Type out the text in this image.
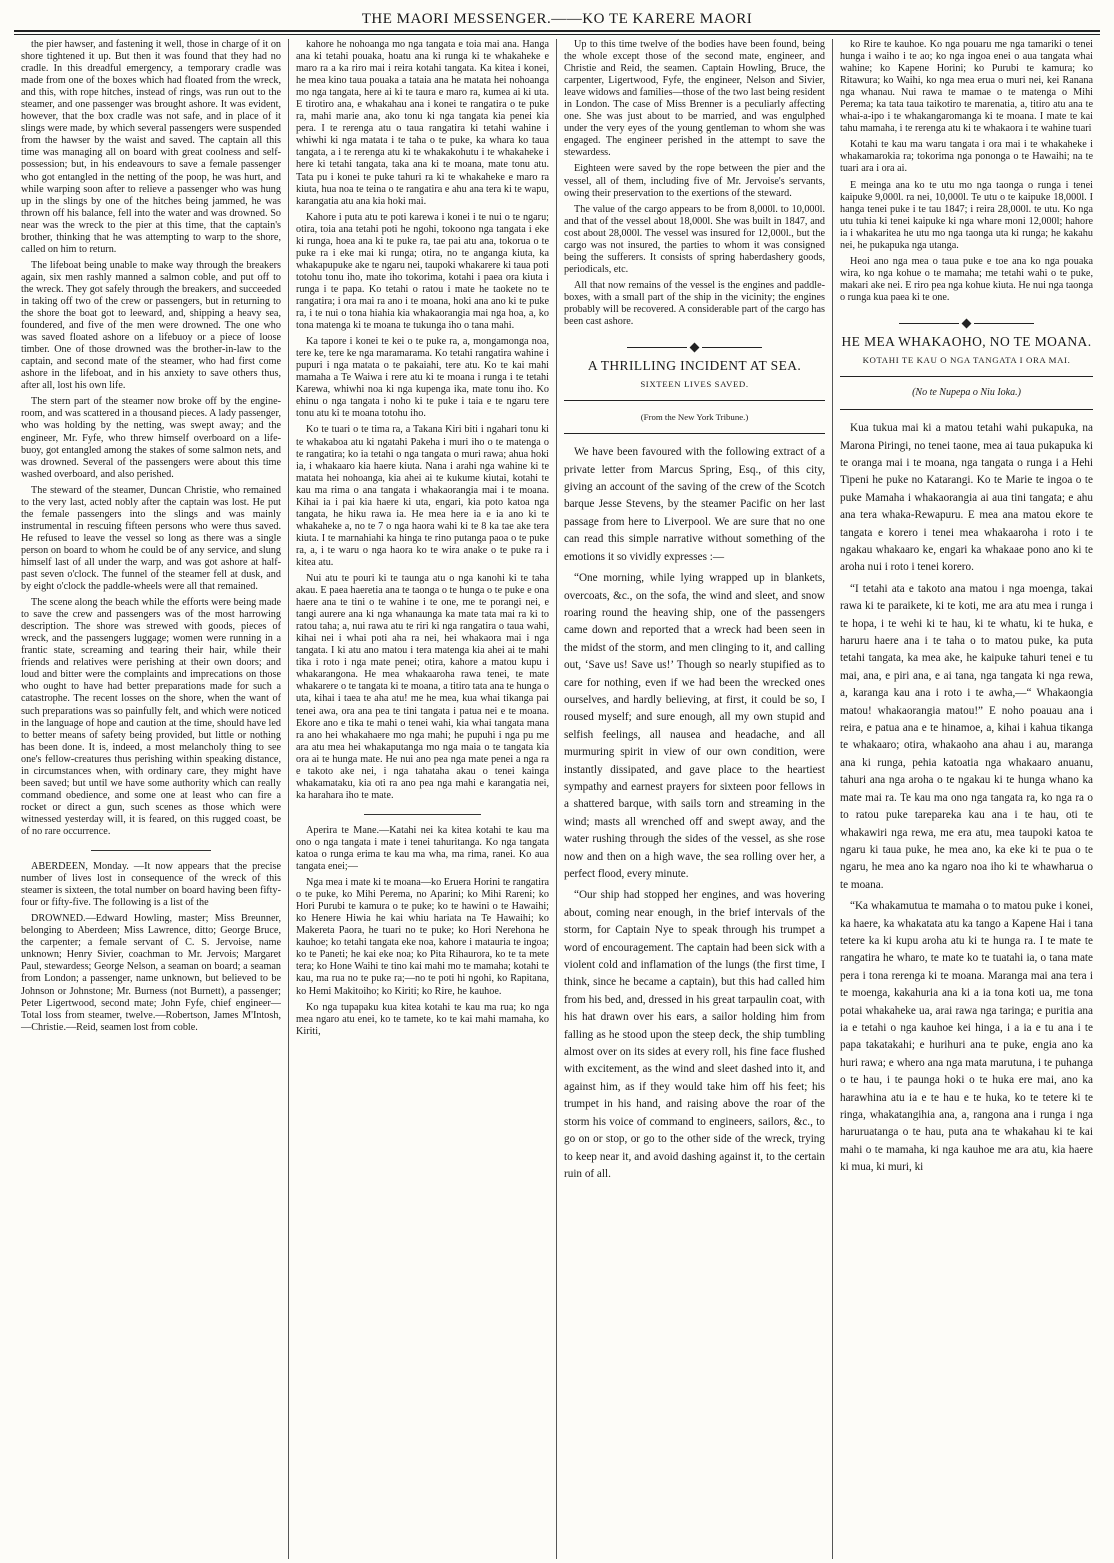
THE MAORI MESSENGER.——KO TE KARERE MAORI

the pier hawser, and fastening it well, those in charge of it on shore tightened it up. But then it was found that they had no cradle. In this dreadful emergency, a temporary cradle was made from one of the boxes which had floated from the wreck, and this, with rope hitches, instead of rings, was run out to the steamer, and one passenger was brought ashore. It was evident, however, that the box cradle was not safe, and in place of it slings were made, by which several passengers were suspended from the hawser by the waist and saved. The captain all this time was managing all on board with great coolness and self-possession; but, in his endeavours to save a female passenger who got entangled in the netting of the poop, he was hurt, and while warping soon after to relieve a passenger who was hung up in the slings by one of the hitches being jammed, he was thrown off his balance, fell into the water and was drowned. So near was the wreck to the pier at this time, that the captain's brother, thinking that he was attempting to warp to the shore, called on him to return.

The lifeboat being unable to make way through the breakers again, six men rashly manned a salmon coble, and put off to the wreck. They got safely through the breakers, and succeeded in taking off two of the crew or passengers, but in returning to the shore the boat got to leeward, and, shipping a heavy sea, foundered, and five of the men were drowned. The one who was saved floated ashore on a lifebuoy or a piece of loose timber. One of those drowned was the brother-in-law to the captain, and second mate of the steamer, who had first come ashore in the lifeboat, and in his anxiety to save others thus, after all, lost his own life.

The stern part of the steamer now broke off by the engine-room, and was scattered in a thousand pieces. A lady passenger, who was holding by the netting, was swept away; and the engineer, Mr. Fyfe, who threw himself overboard on a life-buoy, got entangled among the stakes of some salmon nets, and was drowned. Several of the passengers were about this time washed overboard, and also perished.

The steward of the steamer, Duncan Christie, who remained to the very last, acted nobly after the captain was lost. He put the female passengers into the slings and was mainly instrumental in rescuing fifteen persons who were thus saved. He refused to leave the vessel so long as there was a single person on board to whom he could be of any service, and slung himself last of all under the warp, and was got ashore at half-past seven o'clock. The funnel of the steamer fell at dusk, and by eight o'clock the paddle-wheels were all that remained.

The scene along the beach while the efforts were being made to save the crew and passengers was of the most harrowing description. The shore was strewed with goods, pieces of wreck, and the passengers luggage; women were running in a frantic state, screaming and tearing their hair, while their friends and relatives were perishing at their own doors; and loud and bitter were the complaints and imprecations on those who ought to have had better preparations made for such a catastrophe. The recent losses on the shore, when the want of such preparations was so painfully felt, and which were noticed in the language of hope and caution at the time, should have led to better means of safety being provided, but little or nothing has been done. It is, indeed, a most melancholy thing to see one's fellow-creatures thus perishing within speaking distance, in circumstances when, with ordinary care, they might have been saved; but until we have some authority which can really command obedience, and some one at least who can fire a rocket or direct a gun, such scenes as those which were witnessed yesterday will, it is feared, on this rugged coast, be of no rare occurrence.

ABERDEEN, Monday. —It now appears that the precise number of lives lost in consequence of the wreck of this steamer is sixteen, the total number on board having been fifty-four or fifty-five. The following is a list of the

DROWNED.—Edward Howling, master; Miss Breunner, belonging to Aberdeen; Miss Lawrence, ditto; George Bruce, the carpenter; a female servant of C. S. Jervoise, name unknown; Henry Sivier, coachman to Mr. Jervois; Margaret Paul, stewardess; George Nelson, a seaman on board; a seaman from London; a passenger, name unknown, but believed to be Johnson or Johnstone; Mr. Burness (not Burnett), a passenger; Peter Ligertwood, second mate; John Fyfe, chief engineer—Total loss from steamer, twelve.—Robertson, James M'Intosh, —Christie.—Reid, seamen lost from coble.

kahore he nohoanga mo nga tangata e toia mai ana. Hanga ana ki tetahi pouaka, hoatu ana ki runga ki te whakaheke e maro ra a ka riro mai i reira kotahi tangata. Ka kitea i konei, he mea kino taua pouaka a tataia ana he matata hei nohoanga mo nga tangata, here ai ki te taura e maro ra, kumea ai ki uta. E tirotiro ana, e whakahau ana i konei te rangatira o te puke ra, mahi marie ana, ako tonu ki nga tangata kia penei kia pera. I te rerenga atu o taua rangatira ki tetahi wahine i whiwhi ki nga matata i te taha o te puke, ka whara ko taua tangata, a i te rerenga atu ki te whakakohutu i te whakaheke i here ki tetahi tangata, taka ana ki te moana, mate tonu atu. Tata pu i konei te puke tahuri ra ki te whakaheke e maro ra kiuta, hua noa te teina o te rangatira e ahu ana tera ki te wapu, karangatia atu ana kia hoki mai.

Kahore i puta atu te poti karewa i konei i te nui o te ngaru; otira, toia ana tetahi poti he ngohi, tokoono nga tangata i eke ki runga, hoea ana ki te puke ra, tae pai atu ana, tokorua o te puke ra i eke mai ki runga; otira, no te anganga kiuta, ka whakapupuke ake te ngaru nei, taupoki whakarere ki taua poti totohu tonu iho, mate iho tokorima, kotahi i paea ora kiuta i runga i te papa. Ko tetahi o ratou i mate he taokete no te rangatira; i ora mai ra ano i te moana, hoki ana ano ki te puke ra, i te nui o tona hiahia kia whakaorangia mai nga hoa, a, ko tona matenga ki te moana te tukunga iho o tana mahi.

Ka tapore i konei te kei o te puke ra, a, mongamonga noa, tere ke, tere ke nga maramarama. Ko tetahi rangatira wahine i pupuri i nga matata o te pakaiahi, tere atu. Ko te kai mahi mamaha a Te Waiwa i rere atu ki te moana i runga i te tetahi Karewa, whiwhi noa ki nga kupenga ika, mate tonu iho. Ko ehinu o nga tangata i noho ki te puke i taia e te ngaru tere tonu atu ki te moana totohu iho.

Ko te tuari o te tima ra, a Takana Kiri biti i ngahari tonu ki te whakaboa atu ki ngatahi Pakeha i muri iho o te matenga o te rangatira; ko ia tetahi o nga tangata o muri rawa; ahua hoki ia, i whakaaro kia haere kiuta. Nana i arahi nga wahine ki te matata hei nohoanga, kia ahei ai te kukume kiutai, kotahi te kau ma rima o ana tangata i whakaorangia mai i te moana. Kihai ia i pai kia haere ki uta, engari, kia poto katoa nga tangata, he hiku rawa ia. He mea here ia e ia ano ki te whakaheke a, no te 7 o nga haora wahi ki te 8 ka tae ake tera kiuta. I te marnahiahi ka hinga te rino putanga paoa o te puke ra, a, i te waru o nga haora ko te wira anake o te puke ra i kitea atu.

Nui atu te pouri ki te taunga atu o nga kanohi ki te taha akau. E paea haeretia ana te taonga o te hunga o te puke e ona haere ana te tini o te wahine i te one, me te porangi nei, e tangi aurere ana ki nga whanaunga ka mate tata mai ra ki to ratou taha; a, nui rawa atu te riri ki nga rangatira o taua wahi, kihai nei i whai poti aha ra nei, hei whakaora mai i nga tangata. I ki atu ano matou i tera matenga kia ahei ai te mahi tika i roto i nga mate penei; otira, kahore a matou kupu i whakarangona. He mea whakaaroha rawa tenei, te mate whakarere o te tangata ki te moana, a titiro tata ana te hunga o uta, kihai i taea te aha atu! me he mea, kua whai tikanga pai tenei awa, ora ana pea te tini tangata i patua nei e te moana. Ekore ano e tika te mahi o tenei wahi, kia whai tangata mana ra ano hei whakahaere mo nga mahi; he pupuhi i nga pu me ara atu mea hei whakaputanga mo nga maia o te tangata kia ora ai te hunga mate. He nui ano pea nga mate penei a nga ra e takoto ake nei, i nga tahataha akau o tenei kainga whakamataku, kia oti ra ano pea nga mahi e karangatia nei, ka harahara iho te mate.

Aperira te Mane.—Katahi nei ka kitea kotahi te kau ma ono o nga tangata i mate i tenei tahuritanga. Ko nga tangata katoa o runga erima te kau ma wha, ma rima, ranei. Ko aua tangata enei;—

Nga mea i mate ki te moana—ko Eruera Horini te rangatira o te puke, ko Mihi Perema, no Aparini; ko Mihi Rareni; ko Hori Purubi te kamura o te puke; ko te hawini o te Hawaihi; ko Henere Hiwia he kai whiu hariata na Te Hawaihi; ko Makereta Paora, he tuari no te puke; ko Hori Nerehona he kauhoe; ko tetahi tangata eke noa, kahore i matauria te ingoa; ko te Paneti; he kai eke noa; ko Pita Rihaurora, ko te ta mete tera; ko Hone Waihi te tino kai mahi mo te mamaha; kotahi te kau, ma rua no te puke ra;—no te poti hi ngohi, ko Rapitana, ko Hemi Makitoiho; ko Kiriti; ko Rire, he kauhoe.

Ko nga tupapaku kua kitea kotahi te kau ma rua; ko nga mea ngaro atu enei, ko te tamete, ko te kai mahi mamaha, ko Kiriti,

Up to this time twelve of the bodies have been found, being the whole except those of the second mate, engineer, and Christie and Reid, the seamen. Captain Howling, Bruce, the carpenter, Ligertwood, Fyfe, the engineer, Nelson and Sivier, leave widows and families—those of the two last being resident in London. The case of Miss Brenner is a peculiarly affecting one. She was just about to be married, and was engulphed under the very eyes of the young gentleman to whom she was engaged. The engineer perished in the attempt to save the stewardess.

Eighteen were saved by the rope between the pier and the vessel, all of them, including five of Mr. Jervoise's servants, owing their preservation to the exertions of the steward.

The value of the cargo appears to be from 8,000l. to 10,000l. and that of the vessel about 18,000l. She was built in 1847, and cost about 28,000l. The vessel was insured for 12,000l., but the cargo was not insured, the parties to whom it was consigned being the sufferers. It consists of spring haberdashery goods, periodicals, etc.

All that now remains of the vessel is the engines and paddle-boxes, with a small part of the ship in the vicinity; the engines probably will be recovered. A considerable part of the cargo has been cast ashore.

A THRILLING INCIDENT AT SEA.
SIXTEEN LIVES SAVED.
(From the New York Tribune.)

We have been favoured with the following extract of a private letter from Marcus Spring, Esq., of this city, giving an account of the saving of the crew of the Scotch barque Jesse Stevens, by the steamer Pacific on her last passage from here to Liverpool. We are sure that no one can read this simple narrative without something of the emotions it so vividly expresses :—

“One morning, while lying wrapped up in blankets, overcoats, &c., on the sofa, the wind and sleet, and snow roaring round the heaving ship, one of the passengers came down and reported that a wreck had been seen in the midst of the storm, and men clinging to it, and calling out, ‘Save us! Save us!’ Though so nearly stupified as to care for nothing, even if we had been the wrecked ones ourselves, and hardly believing, at first, it could be so, I roused myself; and sure enough, all my own stupid and selfish feelings, all nausea and headache, and all murmuring spirit in view of our own condition, were instantly dissipated, and gave place to the heartiest sympathy and earnest prayers for sixteen poor fellows in a shattered barque, with sails torn and streaming in the wind; masts all wrenched off and swept away, and the water rushing through the sides of the vessel, as she rose now and then on a high wave, the sea rolling over her, a perfect flood, every minute.

“Our ship had stopped her engines, and was hovering about, coming near enough, in the brief intervals of the storm, for Captain Nye to speak through his trumpet a word of encouragement. The captain had been sick with a violent cold and inflamation of the lungs (the first time, I think, since he became a captain), but this had called him from his bed, and, dressed in his great tarpaulin coat, with his hat drawn over his ears, a sailor holding him from falling as he stood upon the steep deck, the ship tumbling almost over on its sides at every roll, his fine face flushed with excitement, as the wind and sleet dashed into it, and against him, as if they would take him off his feet; his trumpet in his hand, and raising above the roar of the storm his voice of command to engineers, sailors, &c., to go on or stop, or go to the other side of the wreck, trying to keep near it, and avoid dashing against it, to the certain ruin of all.

ko Rire te kauhoe. Ko nga pouaru me nga tamariki o tenei hunga i waiho i te ao; ko nga ingoa enei o aua tangata whai wahine; ko Kapene Horini; ko Purubi te kamura; ko Ritawura; ko Waihi, ko nga mea erua o muri nei, kei Ranana nga whanau. Nui rawa te mamae o te matenga o Mihi Perema; ka tata taua taikotiro te marenatia, a, titiro atu ana te whai-a-ipo i te whakangaromanga ki te moana. I mate te kai tahu mamaha, i te rerenga atu ki te whakaora i te wahine tuari

Kotahi te kau ma waru tangata i ora mai i te whakaheke i whakamarokia ra; tokorima nga pononga o te Hawaihi; na te tuari ara i ora ai.

E meinga ana ko te utu mo nga taonga o runga i tenei kaipuke 9,000l. ra nei, 10,000l. Te utu o te kaipuke 18,000l. I hanga tenei puke i te tau 1847; i reira 28,000l. te utu. Ko nga utu tuhia ki tenei kaipuke ki nga whare moni 12,000l; hahore ia i whakaritea he utu mo nga taonga uta ki runga; he kakahu nei, he pukapuka nga utanga.

Heoi ano nga mea o taua puke e toe ana ko nga pouaka wira, ko nga kohue o te mamaha; me tetahi wahi o te puke, makari ake nei. E riro pea nga kohue kiuta. He nui nga taonga o runga kua paea ki te one.

HE MEA WHAKAOHO, NO TE MOANA.
KOTAHI TE KAU O NGA TANGATA I ORA MAI.
(No te Nupepa o Niu Ioka.)

Kua tukua mai ki a matou tetahi wahi pukapuka, na Marona Piringi, no tenei taone, mea ai taua pukapuka ki te oranga mai i te moana, nga tangata o runga i a Hehi Tipeni he puke no Katarangi. Ko te Marie te ingoa o te puke Mamaha i whakaorangia ai aua tini tangata; e ahu ana tera whaka-Rewapuru. E mea ana matou ekore te tangata e korero i tenei mea whakaaroha i roto i te ngakau whakaaro ke, engari ka whakaae pono ano ki te aroha nui i roto i tenei korero.

“I tetahi ata e takoto ana matou i nga moenga, takai rawa ki te paraikete, ki te koti, me ara atu mea i runga i te hopa, i te wehi ki te hau, ki te whatu, ki te huka, e haruru haere ana i te taha o to matou puke, ka puta tetahi tangata, ka mea ake, he kaipuke tahuri tenei e tu mai, ana, e piri ana, e ai tana, nga tangata ki nga rewa, a, karanga kau ana i roto i te awha,—“ Whakaongia matou! whakaorangia matou!” E noho poauau ana i reira, e patua ana e te hinamoe, a, kihai i kahua tikanga te whakaaro; otira, whakaoho ana ahau i au, maranga ana ki runga, pehia katoatia nga whakaaro anuanu, tahuri ana nga aroha o te ngakau ki te hunga whano ka mate mai ra. Te kau ma ono nga tangata ra, ko nga ra o to ratou puke tarepareka kau ana i te hau, oti te whakawiri nga rewa, me era atu, mea taupoki katoa te ngaru ki taua puke, he mea ano, ka eke ki te pua o te ngaru, he mea ano ka ngaro noa iho ki te whawharua o te moana.

“Ka whakamutua te mamaha o to matou puke i konei, ka haere, ka whakatata atu ka tango a Kapene Hai i tana tetere ka ki kupu aroha atu ki te hunga ra. I te mate te rangatira he wharo, te mate ko te tuatahi ia, o tana mate pera i tona rerenga ki te moana. Maranga mai ana tera i te moenga, kakahuria ana ki a ia tona koti ua, me tona potai whakaheke ua, arai rawa nga taringa; e puritia ana ia e tetahi o nga kauhoe kei hinga, i a ia e tu ana i te papa takatakahi; e hurihuri ana te puke, engia ano ka huri rawa; e whero ana nga mata marutuna, i te puhanga o te hau, i te paunga hoki o te huka ere mai, ano ka harawhina atu ia e te hau e te huka, ko te tetere ki te ringa, whakatangihia ana, a, rangona ana i runga i nga haruruatanga o te hau, puta ana te whakahau ki te kai mahi o te mamaha, ki nga kauhoe me ara atu, kia haere ki mua, ki muri, ki
